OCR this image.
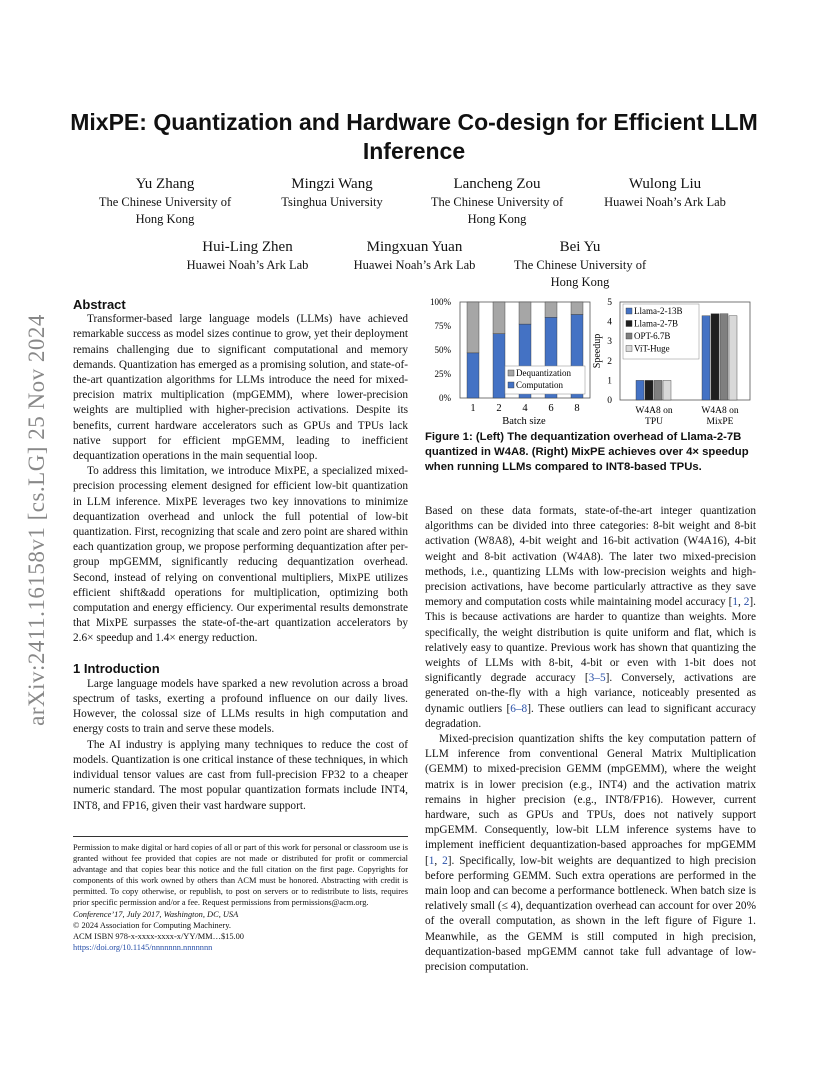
arXiv:2411.16158v1 [cs.LG] 25 Nov 2024
MixPE: Quantization and Hardware Co-design for Efficient LLM Inference
Yu Zhang
The Chinese University of Hong Kong
Mingzi Wang
Tsinghua University
Lancheng Zou
The Chinese University of Hong Kong
Wulong Liu
Huawei Noah’s Ark Lab
Hui-Ling Zhen
Huawei Noah’s Ark Lab
Mingxuan Yuan
Huawei Noah’s Ark Lab
Bei Yu
The Chinese University of Hong Kong
Abstract

Transformer-based large language models (LLMs) have achieved remarkable success as model sizes continue to grow, yet their deployment remains challenging due to significant computational and memory demands. Quantization has emerged as a promising solution, and state-of-the-art quantization algorithms for LLMs introduce the need for mixed-precision matrix multiplication (mpGEMM), where lower-precision weights are multiplied with higher-precision activations. Despite its benefits, current hardware accelerators such as GPUs and TPUs lack native support for efficient mpGEMM, leading to inefficient dequantization operations in the main sequential loop.

To address this limitation, we introduce MixPE, a specialized mixed-precision processing element designed for efficient low-bit quantization in LLM inference. MixPE leverages two key innovations to minimize dequantization overhead and unlock the full potential of low-bit quantization. First, recognizing that scale and zero point are shared within each quantization group, we propose performing dequantization after per-group mpGEMM, significantly reducing dequantization overhead. Second, instead of relying on conventional multipliers, MixPE utilizes efficient shift&add operations for multiplication, optimizing both computation and energy efficiency. Our experimental results demonstrate that MixPE surpasses the state-of-the-art quantization accelerators by 2.6× speedup and 1.4× energy reduction.

1 Introduction

Large language models have sparked a new revolution across a broad spectrum of tasks, exerting a profound influence on our daily lives. However, the colossal size of LLMs results in high computation and energy costs to train and serve these models.

The AI industry is applying many techniques to reduce the cost of models. Quantization is one critical instance of these techniques, in which individual tensor values are cast from full-precision FP32 to a cheaper numeric standard. The most popular quantization formats include INT4, INT8, and FP16, given their vast hardware support.

Permission to make digital or hard copies of all or part of this work for personal or classroom use is granted without fee provided that copies are not made or distributed for profit or commercial advantage and that copies bear this notice and the full citation on the first page. Copyrights for components of this work owned by others than ACM must be honored. Abstracting with credit is permitted. To copy otherwise, or republish, to post on servers or to redistribute to lists, requires prior specific permission and/or a fee. Request permissions from permissions@acm.org.
Conference’17, July 2017, Washington, DC, USA
© 2024 Association for Computing Machinery.
ACM ISBN 978-x-xxxx-xxxx-x/YY/MM…$15.00
https://doi.org/10.1145/nnnnnnn.nnnnnnn
0%
25%
50%
75%
100%
1 2 4 6 8
Batch size
Dequantization
Computation
Speedup
0
1
2
3
4
5
W4A8 on
TPU
W4A8 on
MixPE
Llama-2-13B
Llama-2-7B
OPT-6.7B
ViT-Huge
Figure 1: (Left) The dequantization overhead of Llama-2-7B quantized in W4A8. (Right) MixPE achieves over 4× speedup when running LLMs compared to INT8-based TPUs.

Based on these data formats, state-of-the-art integer quantization algorithms can be divided into three categories: 8-bit weight and 8-bit activation (W8A8), 4-bit weight and 16-bit activation (W4A16), 4-bit weight and 8-bit activation (W4A8). The later two mixed-precision methods, i.e., quantizing LLMs with low-precision weights and high-precision activations, have become particularly attractive as they save memory and computation costs while maintaining model accuracy [1, 2]. This is because activations are harder to quantize than weights. More specifically, the weight distribution is quite uniform and flat, which is relatively easy to quantize. Previous work has shown that quantizing the weights of LLMs with 8-bit, 4-bit or even with 1-bit does not significantly degrade accuracy [3–5]. Conversely, activations are generated on-the-fly with a high variance, noticeably presented as dynamic outliers [6–8]. These outliers can lead to significant accuracy degradation.

Mixed-precision quantization shifts the key computation pattern of LLM inference from conventional General Matrix Multiplication (GEMM) to mixed-precision GEMM (mpGEMM), where the weight matrix is in lower precision (e.g., INT4) and the activation matrix remains in higher precision (e.g., INT8/FP16). However, current hardware, such as GPUs and TPUs, does not natively support mpGEMM. Consequently, low-bit LLM inference systems have to implement inefficient dequantization-based approaches for mpGEMM [1, 2]. Specifically, low-bit weights are dequantized to high precision before performing GEMM. Such extra operations are performed in the main loop and can become a performance bottleneck. When batch size is relatively small (≤ 4), dequantization overhead can account for over 20% of the overall computation, as shown in the left figure of Figure 1. Meanwhile, as the GEMM is still computed in high precision, dequantization-based mpGEMM cannot take full advantage of low-precision computation.
